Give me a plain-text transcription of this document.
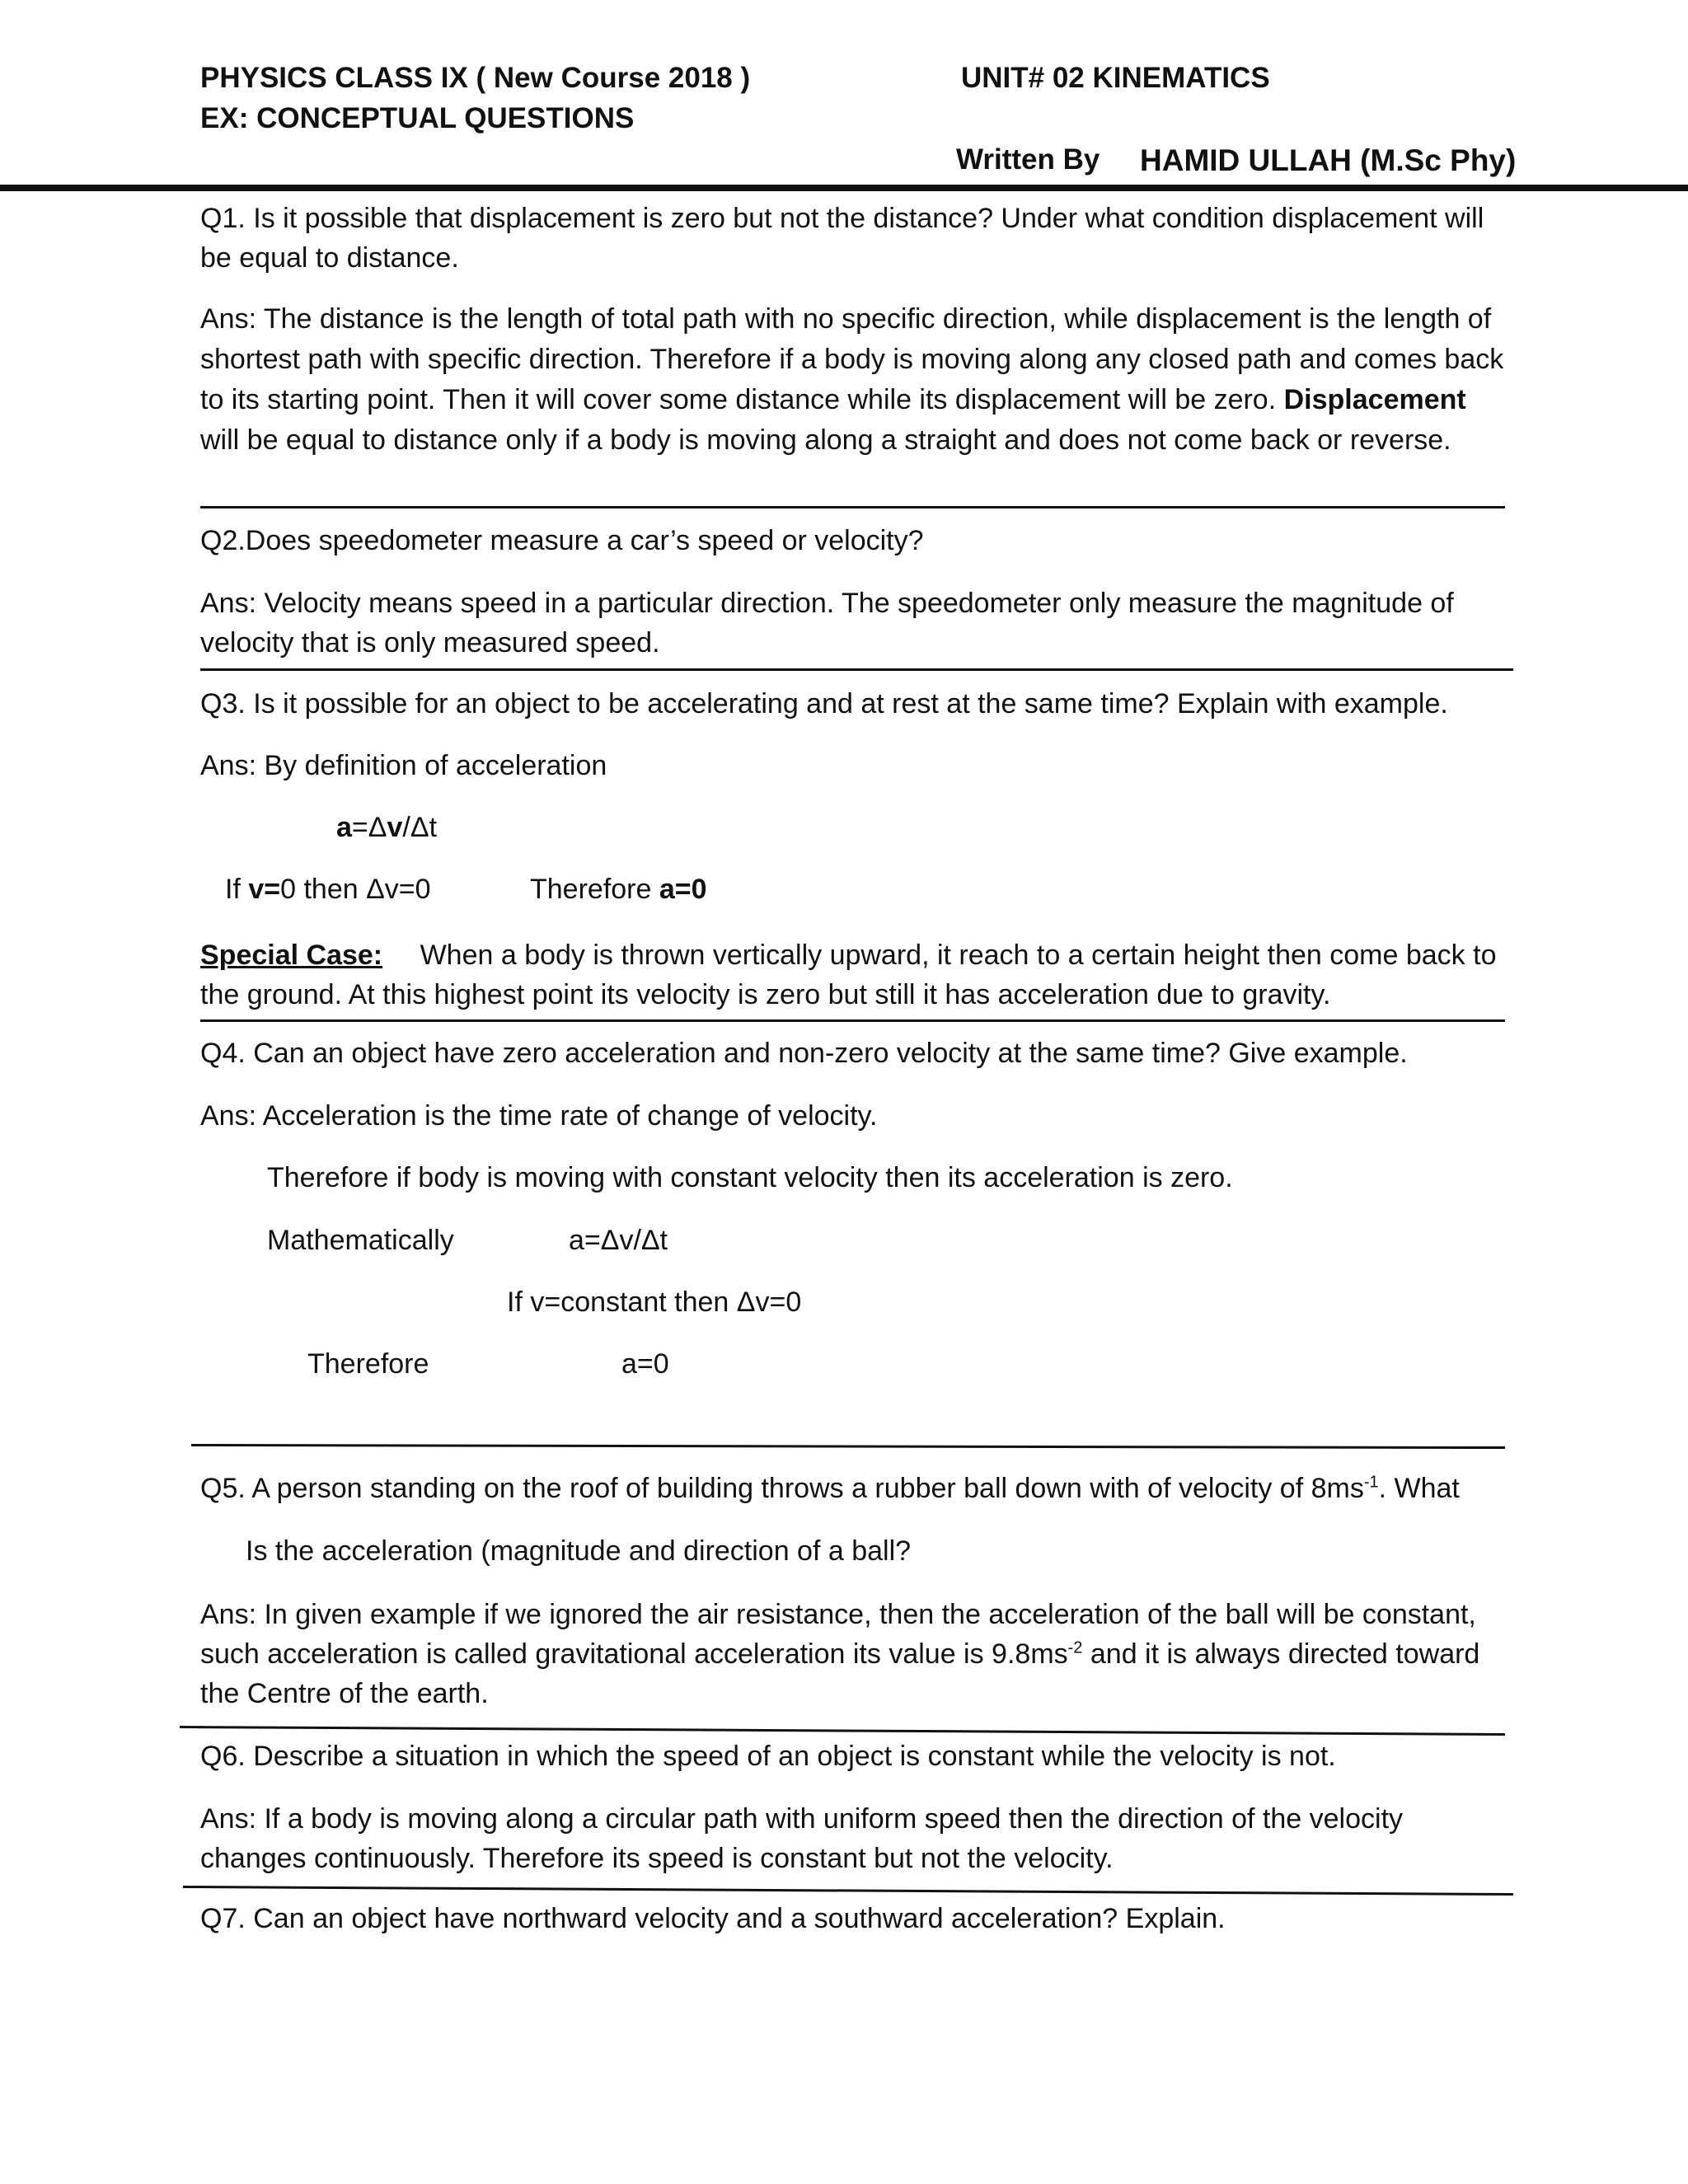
PHYSICS CLASS IX ( New Course 2018 )	UNIT# 02 KINEMATICS
EX: CONCEPTUAL QUESTIONS
Written By HAMID ULLAH (M.Sc Phy)
Q1. Is it possible that displacement is zero but not the distance? Under what condition displacement will be equal to distance.
Ans: The distance is the length of total path with no specific direction, while displacement is the length of shortest path with specific direction. Therefore if a body is moving along any closed path and comes back to its starting point. Then it will cover some distance while its displacement will be zero. Displacement will be equal to distance only if a body is moving along a straight and does not come back or reverse.
Q2.Does speedometer measure a car’s speed or velocity?
Ans: Velocity means speed in a particular direction. The speedometer only measure the magnitude of velocity that is only measured speed.
Q3. Is it possible for an object to be accelerating and at rest at the same time? Explain with example.
Ans: By definition of acceleration
a=Δv/Δt
If v=0 then Δv=0	Therefore a=0
Special Case: When a body is thrown vertically upward, it reach to a certain height then come back to the ground. At this highest point its velocity is zero but still it has acceleration due to gravity.
Q4. Can an object have zero acceleration and non-zero velocity at the same time? Give example.
Ans: Acceleration is the time rate of change of velocity.
Therefore if body is moving with constant velocity then its acceleration is zero.
Mathematically	a=Δv/Δt
If v=constant then Δv=0
Therefore	a=0
Q5. A person standing on the roof of building throws a rubber ball down with of velocity of $8ms^{-1}$. What
Is the acceleration (magnitude and direction of a ball?
Ans: In given example if we ignored the air resistance, then the acceleration of the ball will be constant, such acceleration is called gravitational acceleration its value is $9.8ms^{-2}$ and it is always directed toward the Centre of the earth.
Q6. Describe a situation in which the speed of an object is constant while the velocity is not.
Ans: If a body is moving along a circular path with uniform speed then the direction of the velocity changes continuously. Therefore its speed is constant but not the velocity.
Q7. Can an object have northward velocity and a southward acceleration? Explain.
